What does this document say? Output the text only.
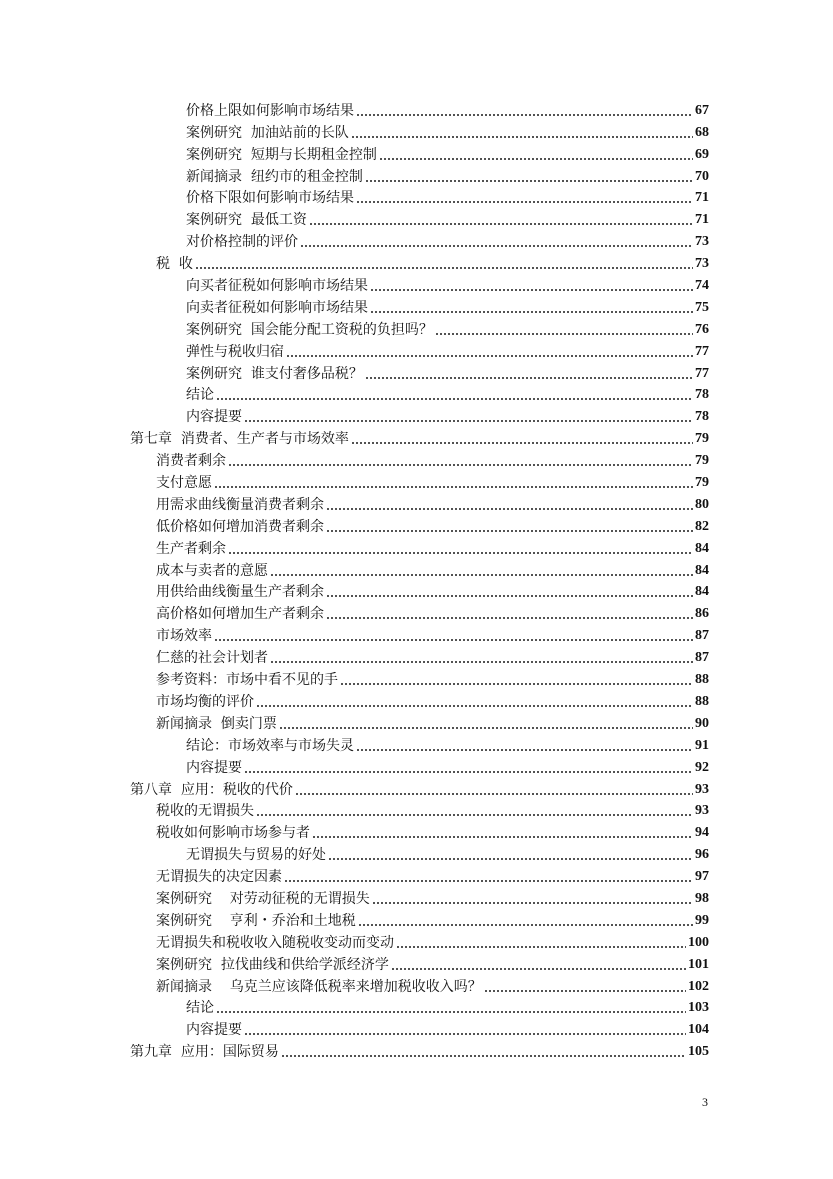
价格上限如何影响市场结果	67
案例研究  加油站前的长队	68
案例研究  短期与长期租金控制	69
新闻摘录  纽约市的租金控制	70
价格下限如何影响市场结果	71
案例研究  最低工资	71
对价格控制的评价	73
税  收	73
向买者征税如何影响市场结果	74
向卖者征税如何影响市场结果	75
案例研究  国会能分配工资税的负担吗？	76
弹性与税收归宿	77
案例研究  谁支付奢侈品税？	77
结论	78
内容提要	78
第七章  消费者、生产者与市场效率	79
消费者剩余	79
支付意愿	79
用需求曲线衡量消费者剩余	80
低价格如何增加消费者剩余	82
生产者剩余	84
成本与卖者的意愿	84
用供给曲线衡量生产者剩余	84
高价格如何增加生产者剩余	86
市场效率	87
仁慈的社会计划者	87
参考资料：市场中看不见的手	88
市场均衡的评价	88
新闻摘录  倒卖门票	90
结论：市场效率与市场失灵	91
内容提要	92
第八章  应用：税收的代价	93
税收的无谓损失	93
税收如何影响市场参与者	94
无谓损失与贸易的好处	96
无谓损失的决定因素	97
案例研究    对劳动征税的无谓损失	98
案例研究    亨利・乔治和土地税	99
无谓损失和税收收入随税收变动而变动	100
案例研究  拉伐曲线和供给学派经济学	101
新闻摘录    乌克兰应该降低税率来增加税收收入吗？	102
结论	103
内容提要	104
第九章  应用：国际贸易	105
3
